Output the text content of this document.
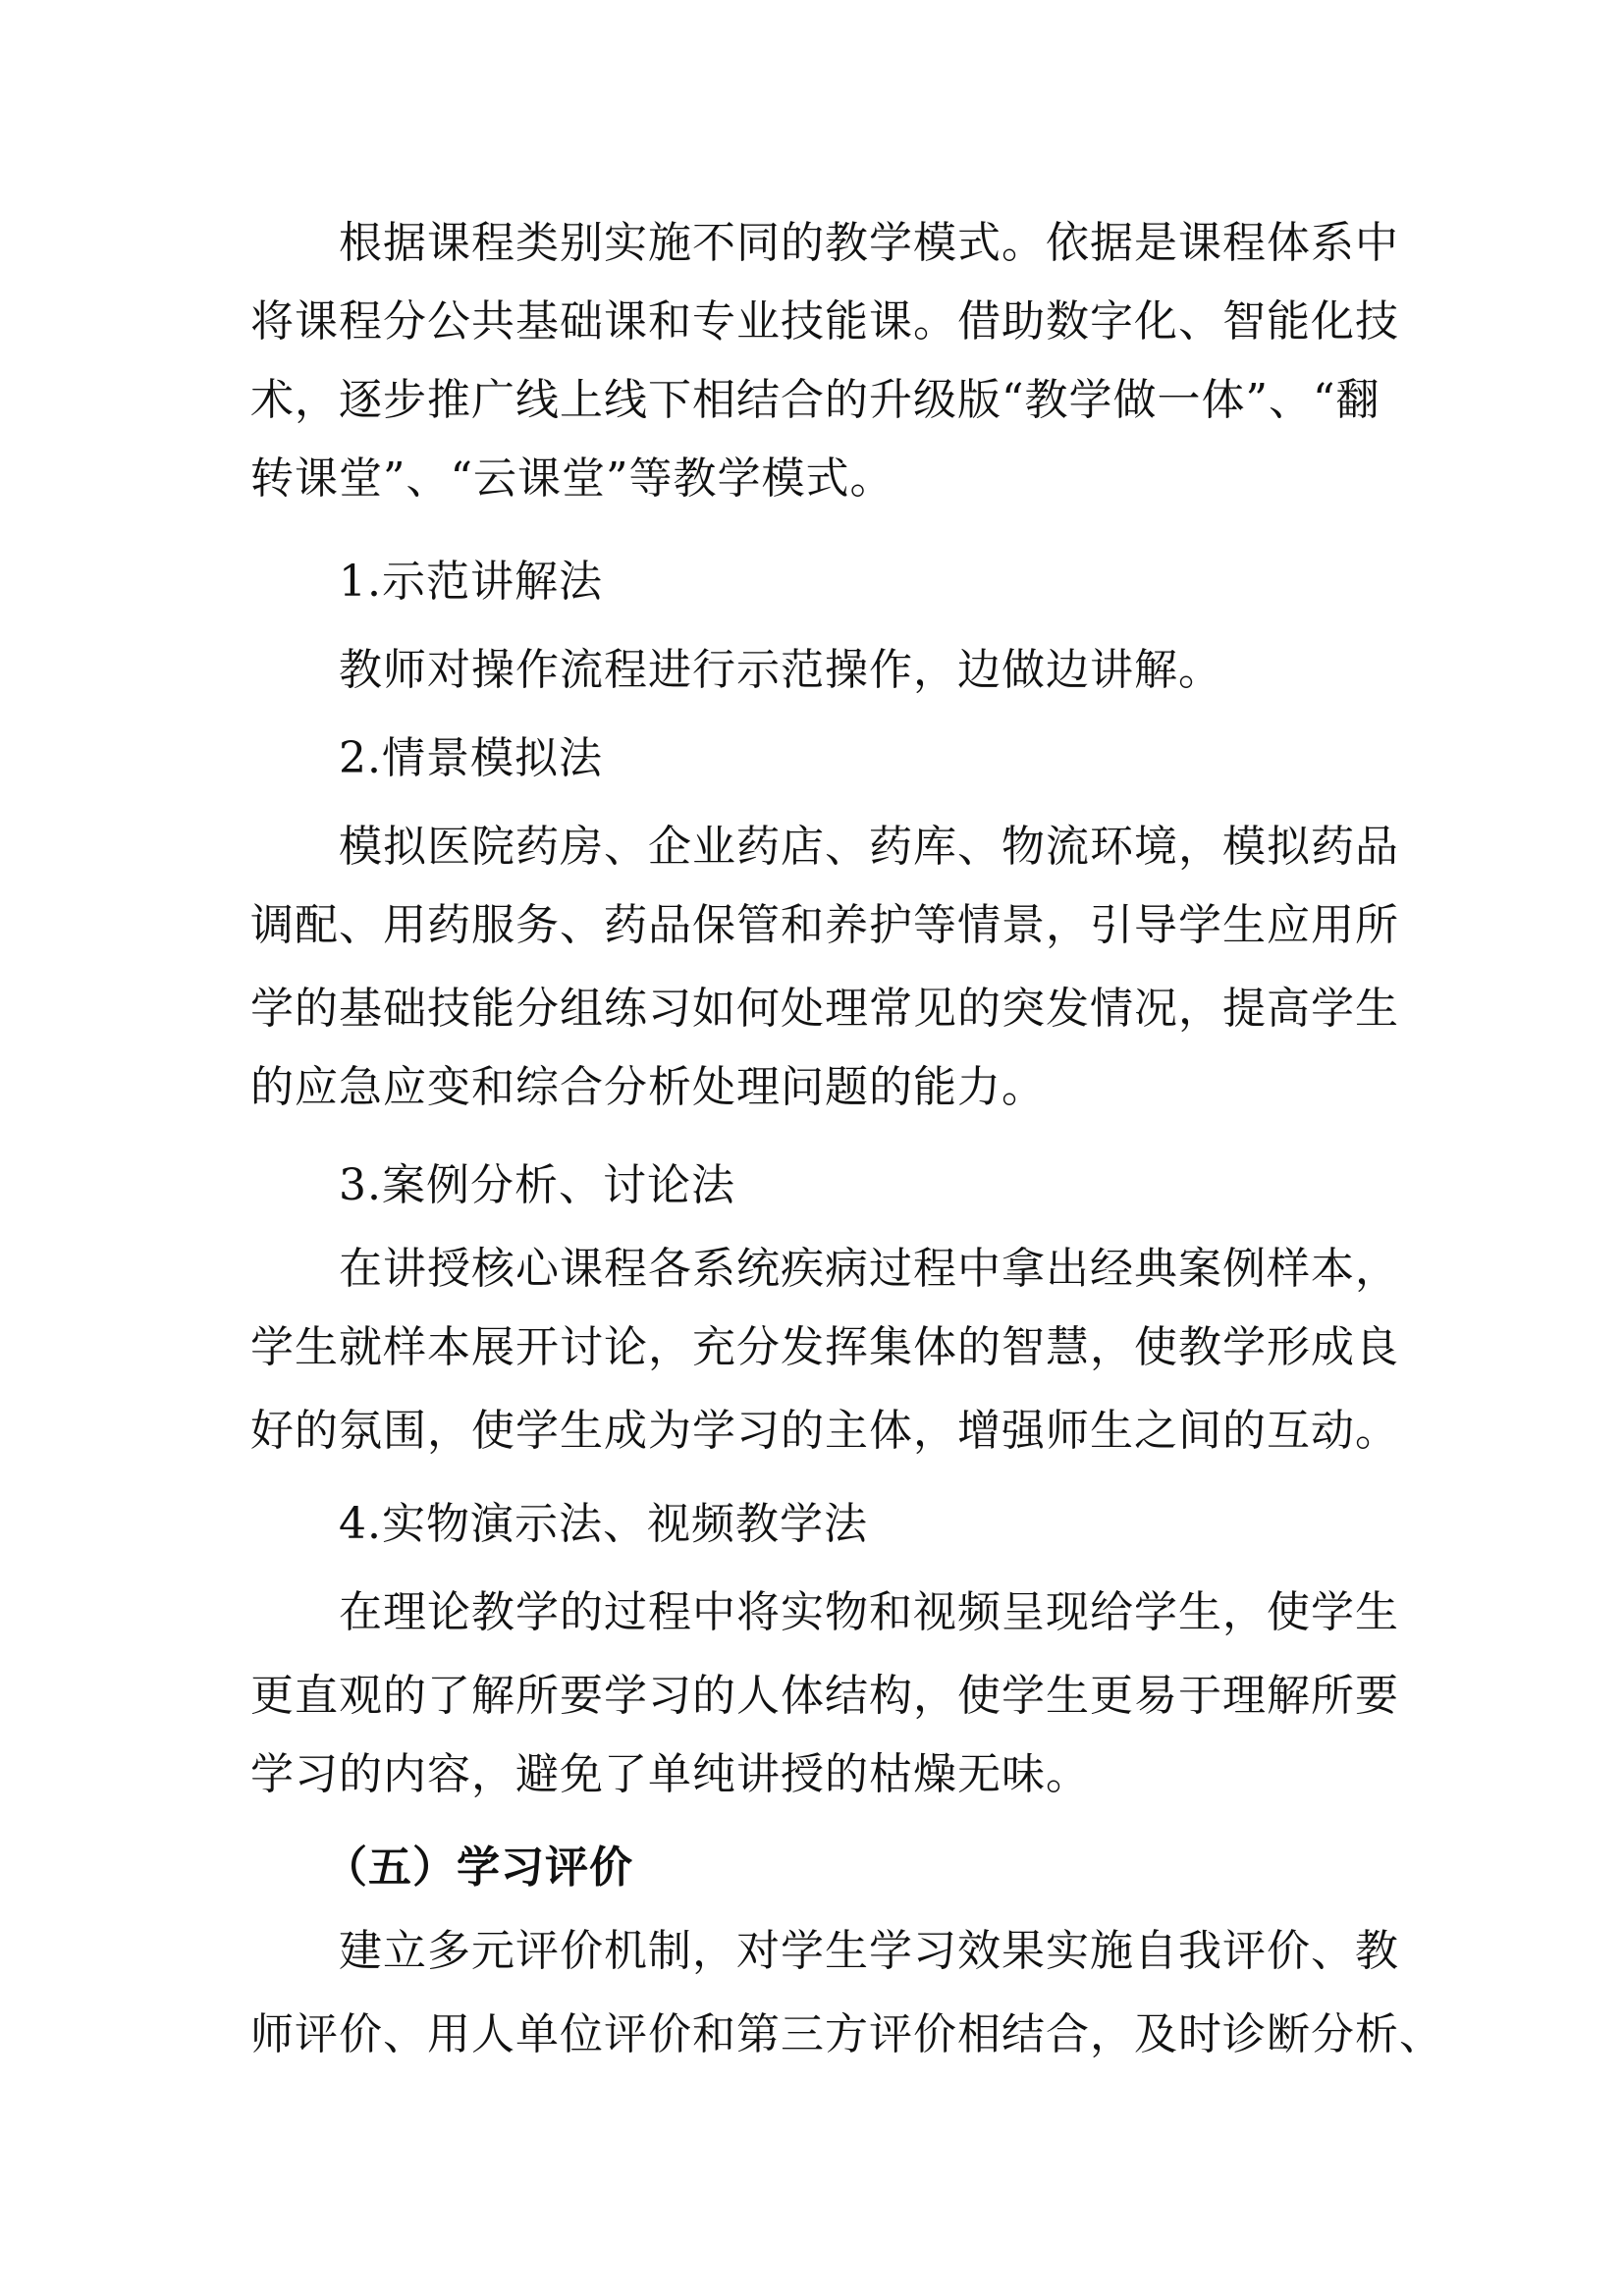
根据课程类别实施不同的教学模式。依据是课程体系中
将课程分公共基础课和专业技能课。借助数字化、智能化技
术，逐步推广线上线下相结合的升级版“教学做一体”、“翻
转课堂”、“云课堂”等教学模式。
1.示范讲解法
教师对操作流程进行示范操作，边做边讲解。
2.情景模拟法
模拟医院药房、企业药店、药库、物流环境，模拟药品
调配、用药服务、药品保管和养护等情景，引导学生应用所
学的基础技能分组练习如何处理常见的突发情况，提高学生
的应急应变和综合分析处理问题的能力。
3.案例分析、讨论法
在讲授核心课程各系统疾病过程中拿出经典案例样本，
学生就样本展开讨论，充分发挥集体的智慧，使教学形成良
好的氛围，使学生成为学习的主体，增强师生之间的互动。
4.实物演示法、视频教学法
在理论教学的过程中将实物和视频呈现给学生，使学生
更直观的了解所要学习的人体结构，使学生更易于理解所要
学习的内容，避免了单纯讲授的枯燥无味。
（五）学习评价
建立多元评价机制，对学生学习效果实施自我评价、教
师评价、用人单位评价和第三方评价相结合，及时诊断分析、
